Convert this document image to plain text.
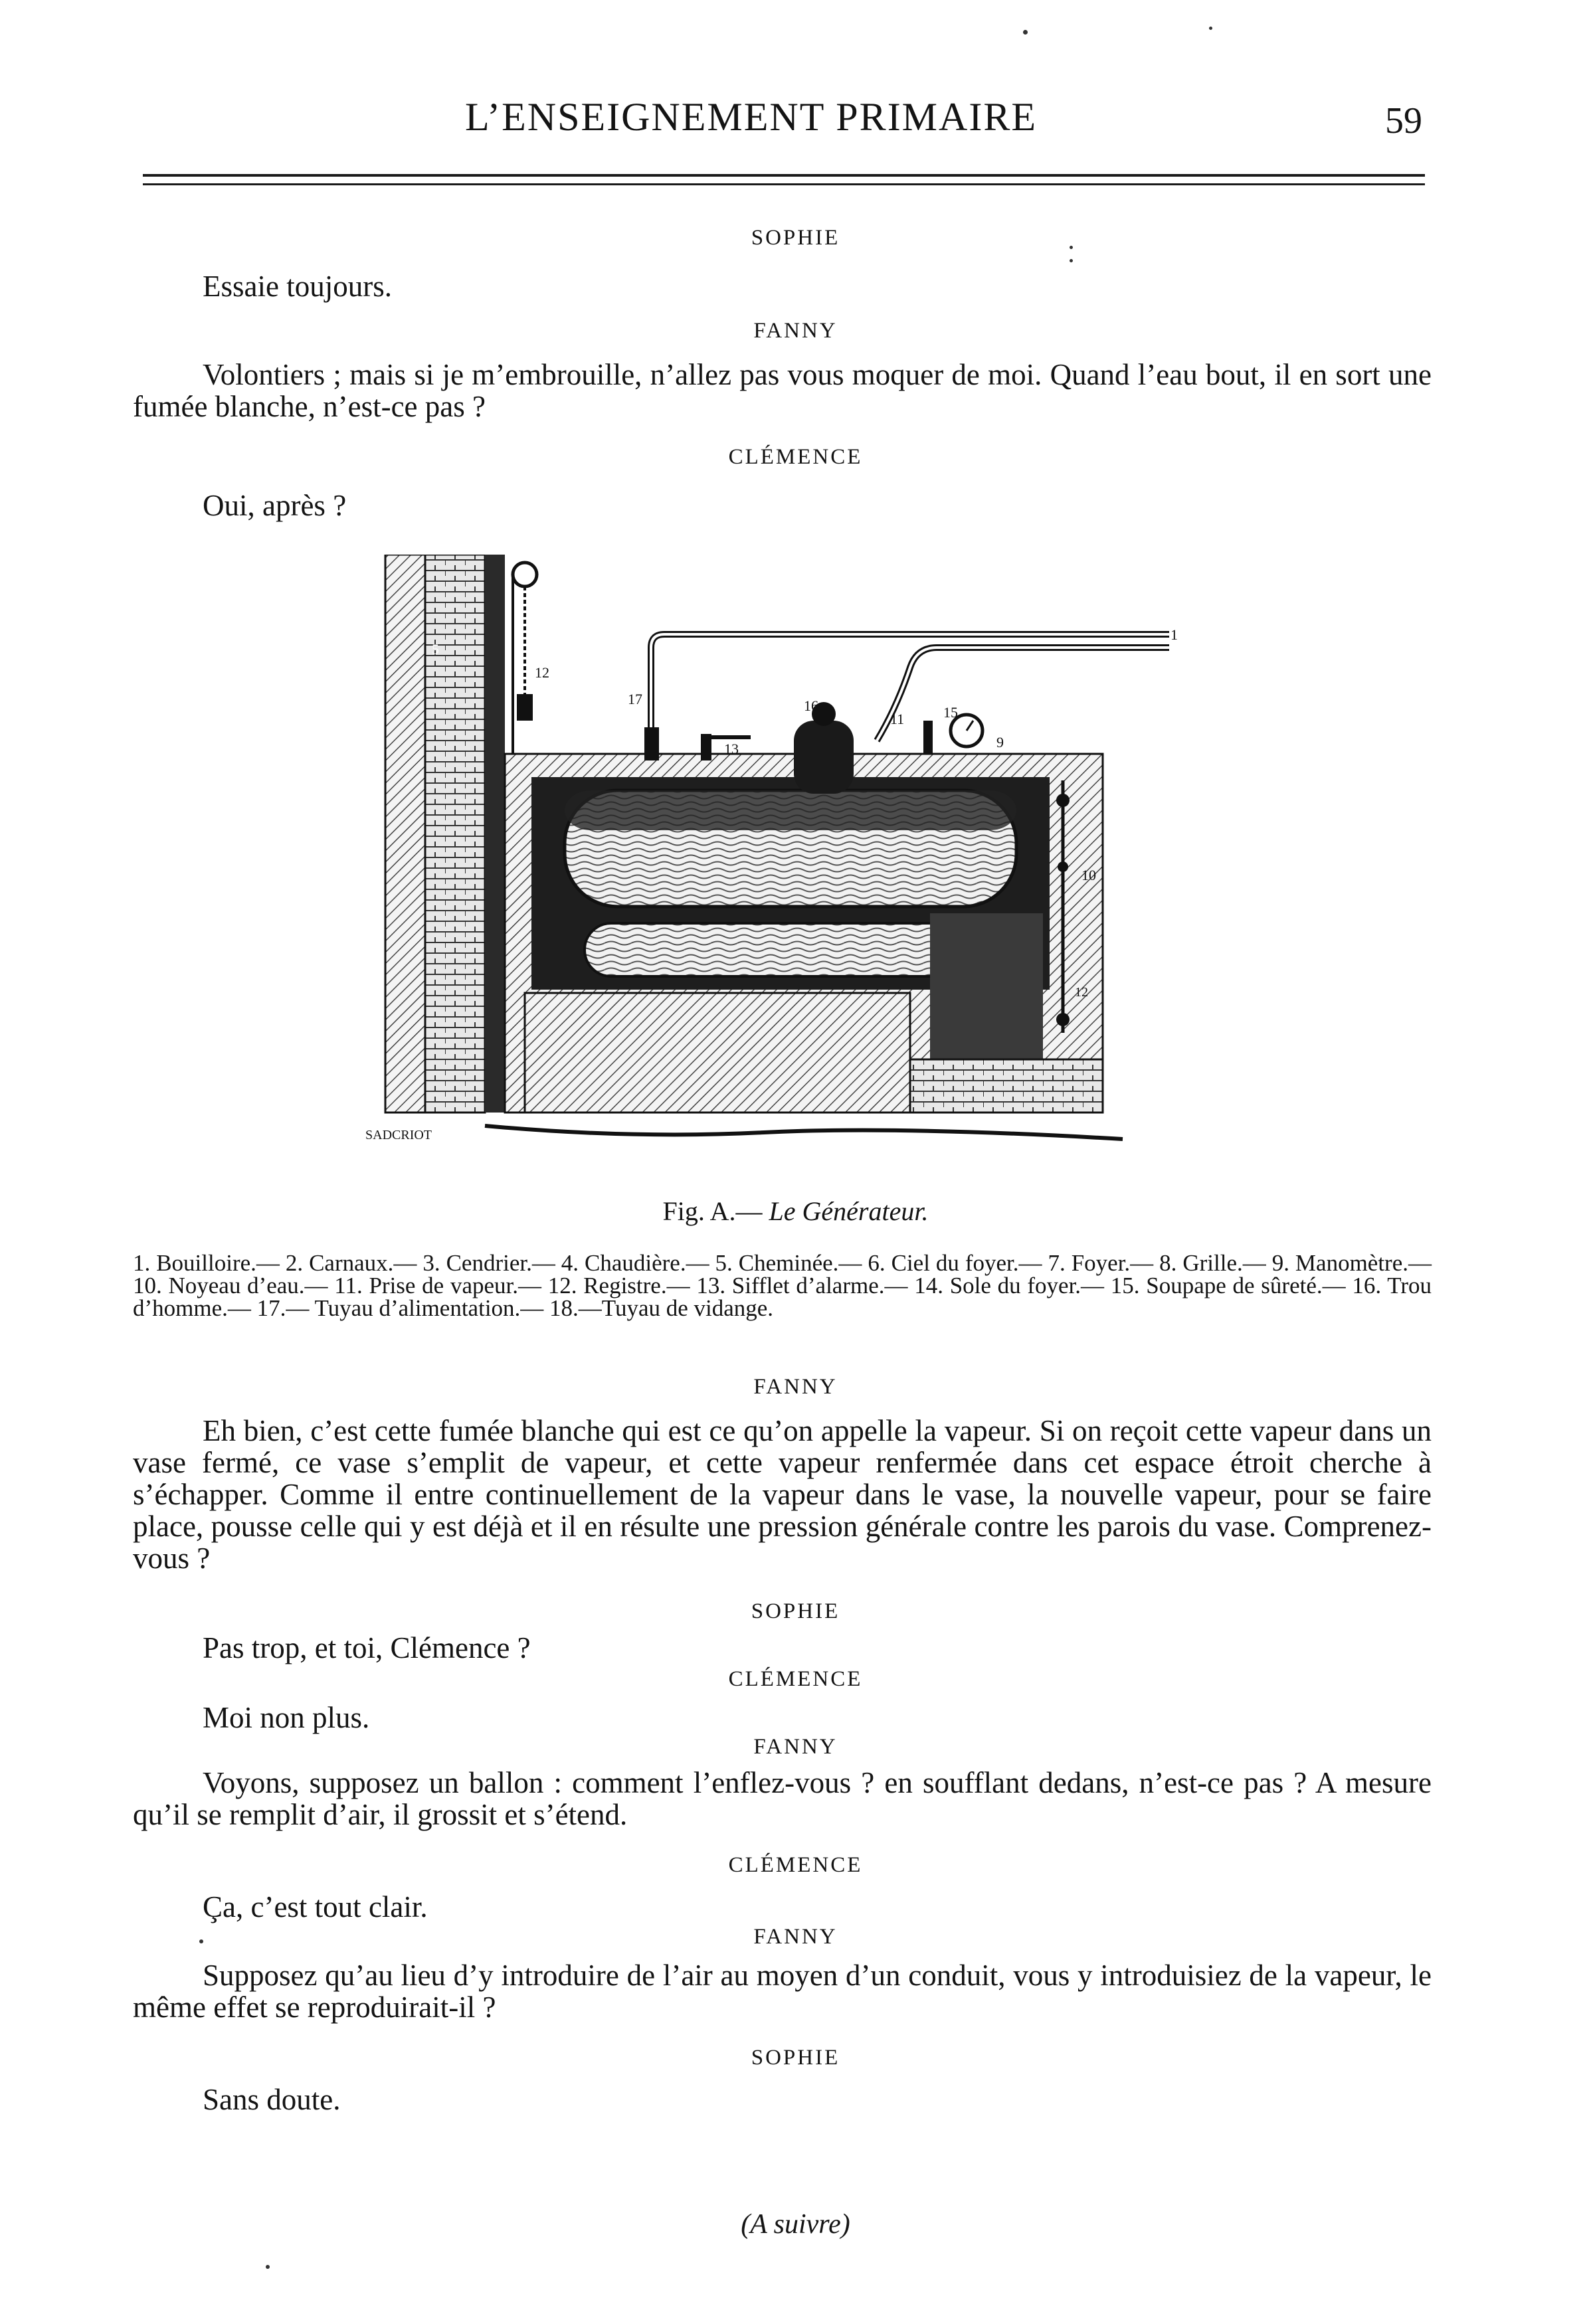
L’ENSEIGNEMENT PRIMAIRE	59
SOPHIE
Essaie toujours.
FANNY
Volontiers ; mais si je m’embrouille, n’allez pas vous moquer de moi. Quand l’eau bout, il en sort une fumée blanche, n’est-ce pas ?
CLÉMENCE
Oui, après ?
5
9
10
11
12
13
15
16
17
1
12
SADCRIOT
Fig. A.— Le Générateur.
1. Bouilloire.— 2. Carnaux.— 3. Cendrier.— 4. Chaudière.— 5. Cheminée.— 6. Ciel du foyer.— 7. Foyer.— 8. Grille.— 9. Manomètre.— 10. Noyeau d’eau.— 11. Prise de vapeur.— 12. Registre.— 13. Sifflet d’alarme.— 14. Sole du foyer.— 15. Soupape de sûreté.— 16. Trou d’homme.— 17.— Tuyau d’alimentation.— 18.—Tuyau de vidange.
FANNY
Eh bien, c’est cette fumée blanche qui est ce qu’on appelle la vapeur. Si on reçoit cette vapeur dans un vase fermé, ce vase s’emplit de vapeur, et cette vapeur renfermée dans cet espace étroit cherche à s’échapper. Comme il entre continuellement de la vapeur dans le vase, la nouvelle vapeur, pour se faire place, pousse celle qui y est déjà et il en résulte une pression générale contre les parois du vase. Comprenez-vous ?
SOPHIE
Pas trop, et toi, Clémence ?
CLÉMENCE
Moi non plus.
FANNY
Voyons, supposez un ballon : comment l’enflez-vous ? en soufflant dedans, n’est-ce pas ? A mesure qu’il se remplit d’air, il grossit et s’étend.
CLÉMENCE
Ça, c’est tout clair.
FANNY
Supposez qu’au lieu d’y introduire de l’air au moyen d’un conduit, vous y introduisiez de la vapeur, le même effet se reproduirait-il ?
SOPHIE
Sans doute.
(A suivre)
